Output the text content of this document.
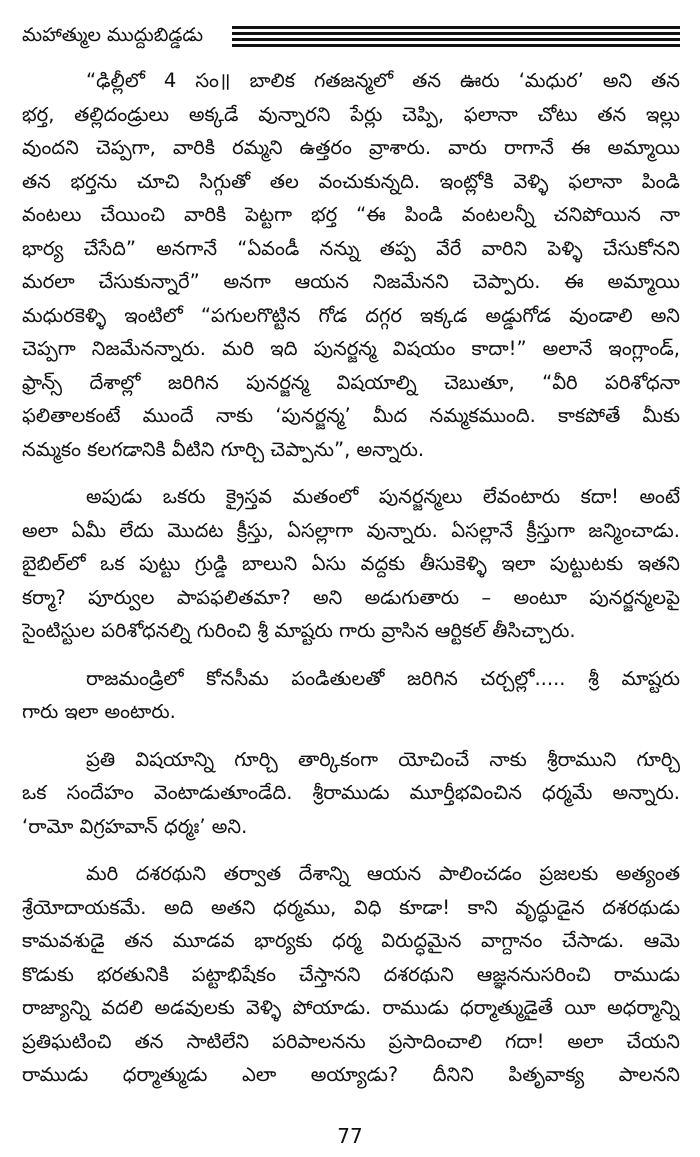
మహాత్ముల ముద్దుబిడ్డడు

“ఢిల్లీలో 4 సం॥ బాలిక గతజన్మలో తన ఊరు ‘మధుర’ అని తన
భర్త, తల్లిదండ్రులు అక్కడే వున్నారని పేర్లు చెప్పి, ఫలానా చోటు తన ఇల్లు
వుందని చెప్పగా, వారికి రమ్మని ఉత్తరం వ్రాశారు. వారు రాగానే ఈ అమ్మాయి
తన భర్తను చూచి సిగ్గుతో తల వంచుకున్నది. ఇంట్లోకి వెళ్ళి ఫలానా పిండి
వంటలు చేయించి వారికి పెట్టగా భర్త “ఈ పిండి వంటలన్నీ చనిపోయిన నా
భార్య చేసేది” అనగానే “ఏవండీ నన్ను తప్ప వేరే వారిని పెళ్ళి చేసుకోనని
మరలా చేసుకున్నారే” అనగా ఆయన నిజమేనని చెప్పారు. ఈ అమ్మాయి
మధురకెళ్ళి ఇంటిలో “పగులగొట్టిన గోడ దగ్గర ఇక్కడ అడ్డుగోడ వుండాలి అని
చెప్పగా నిజమేనన్నారు. మరి ఇది పునర్జన్మ విషయం కాదా!” అలానే ఇంగ్లాండ్,
ఫ్రాన్స్ దేశాల్లో జరిగిన పునర్జన్మ విషయాల్ని చెబుతూ, “వీరి పరిశోధనా
ఫలితాలకంటే ముందే నాకు ‘పునర్జన్మ’ మీద నమ్మకముంది. కాకపోతే మీకు
నమ్మకం కలగడానికి వీటిని గూర్చి చెప్పాను”, అన్నారు.

అపుడు ఒకరు క్రైస్తవ మతంలో పునర్జన్మలు లేవంటారు కదా! అంటే
అలా ఏమీ లేదు మొదట క్రీస్తు, ఏసల్లాగా వున్నారు. ఏసల్లానే క్రీస్తుగా జన్మించాడు.
బైబిల్‌లో ఒక పుట్టు గ్రుడ్డి బాలుని ఏసు వద్దకు తీసుకెళ్ళి ఇలా పుట్టుటకు ఇతని
కర్మా? పూర్వుల పాపఫలితమా? అని అడుగుతారు – అంటూ పునర్జన్మలపై
సైంటిస్టుల పరిశోధనల్ని గురించి శ్రీ మాష్టరు గారు వ్రాసిన ఆర్టికల్ తీసిచ్చారు.

రాజమండ్రిలో కోనసీమ పండితులతో జరిగిన చర్చల్లో..... శ్రీ మాష్టరు
గారు ఇలా అంటారు.

ప్రతి విషయాన్ని గూర్చి తార్కికంగా యోచించే నాకు శ్రీరాముని గూర్చి
ఒక సందేహం వెంటాడుతూండేది. శ్రీరాముడు మూర్తీభవించిన ధర్మమే అన్నారు.
‘రామో విగ్రహవాన్ ధర్మః’ అని.

మరి దశరథుని తర్వాత దేశాన్ని ఆయన పాలించడం ప్రజలకు అత్యంత
శ్రేయోదాయకమే. అది అతని ధర్మము, విధి కూడా! కాని వృద్ధుడైన దశరథుడు
కామవశుడై తన మూడవ భార్యకు ధర్మ విరుద్ధమైన వాగ్దానం చేసాడు. ఆమె
కొడుకు భరతునికి పట్టాభిషేకం చేస్తానని దశరథుని ఆజ్ఞననుసరించి రాముడు
రాజ్యాన్ని వదలి అడవులకు వెళ్ళి పోయాడు. రాముడు ధర్మాత్ముడైతే యీ అధర్మాన్ని
ప్రతిఘటించి తన సాటిలేని పరిపాలనను ప్రసాదించాలి గదా! అలా చేయని
రాముడు ధర్మాత్ముడు ఎలా అయ్యాడు? దీనిని పితృవాక్య పాలనని

77
